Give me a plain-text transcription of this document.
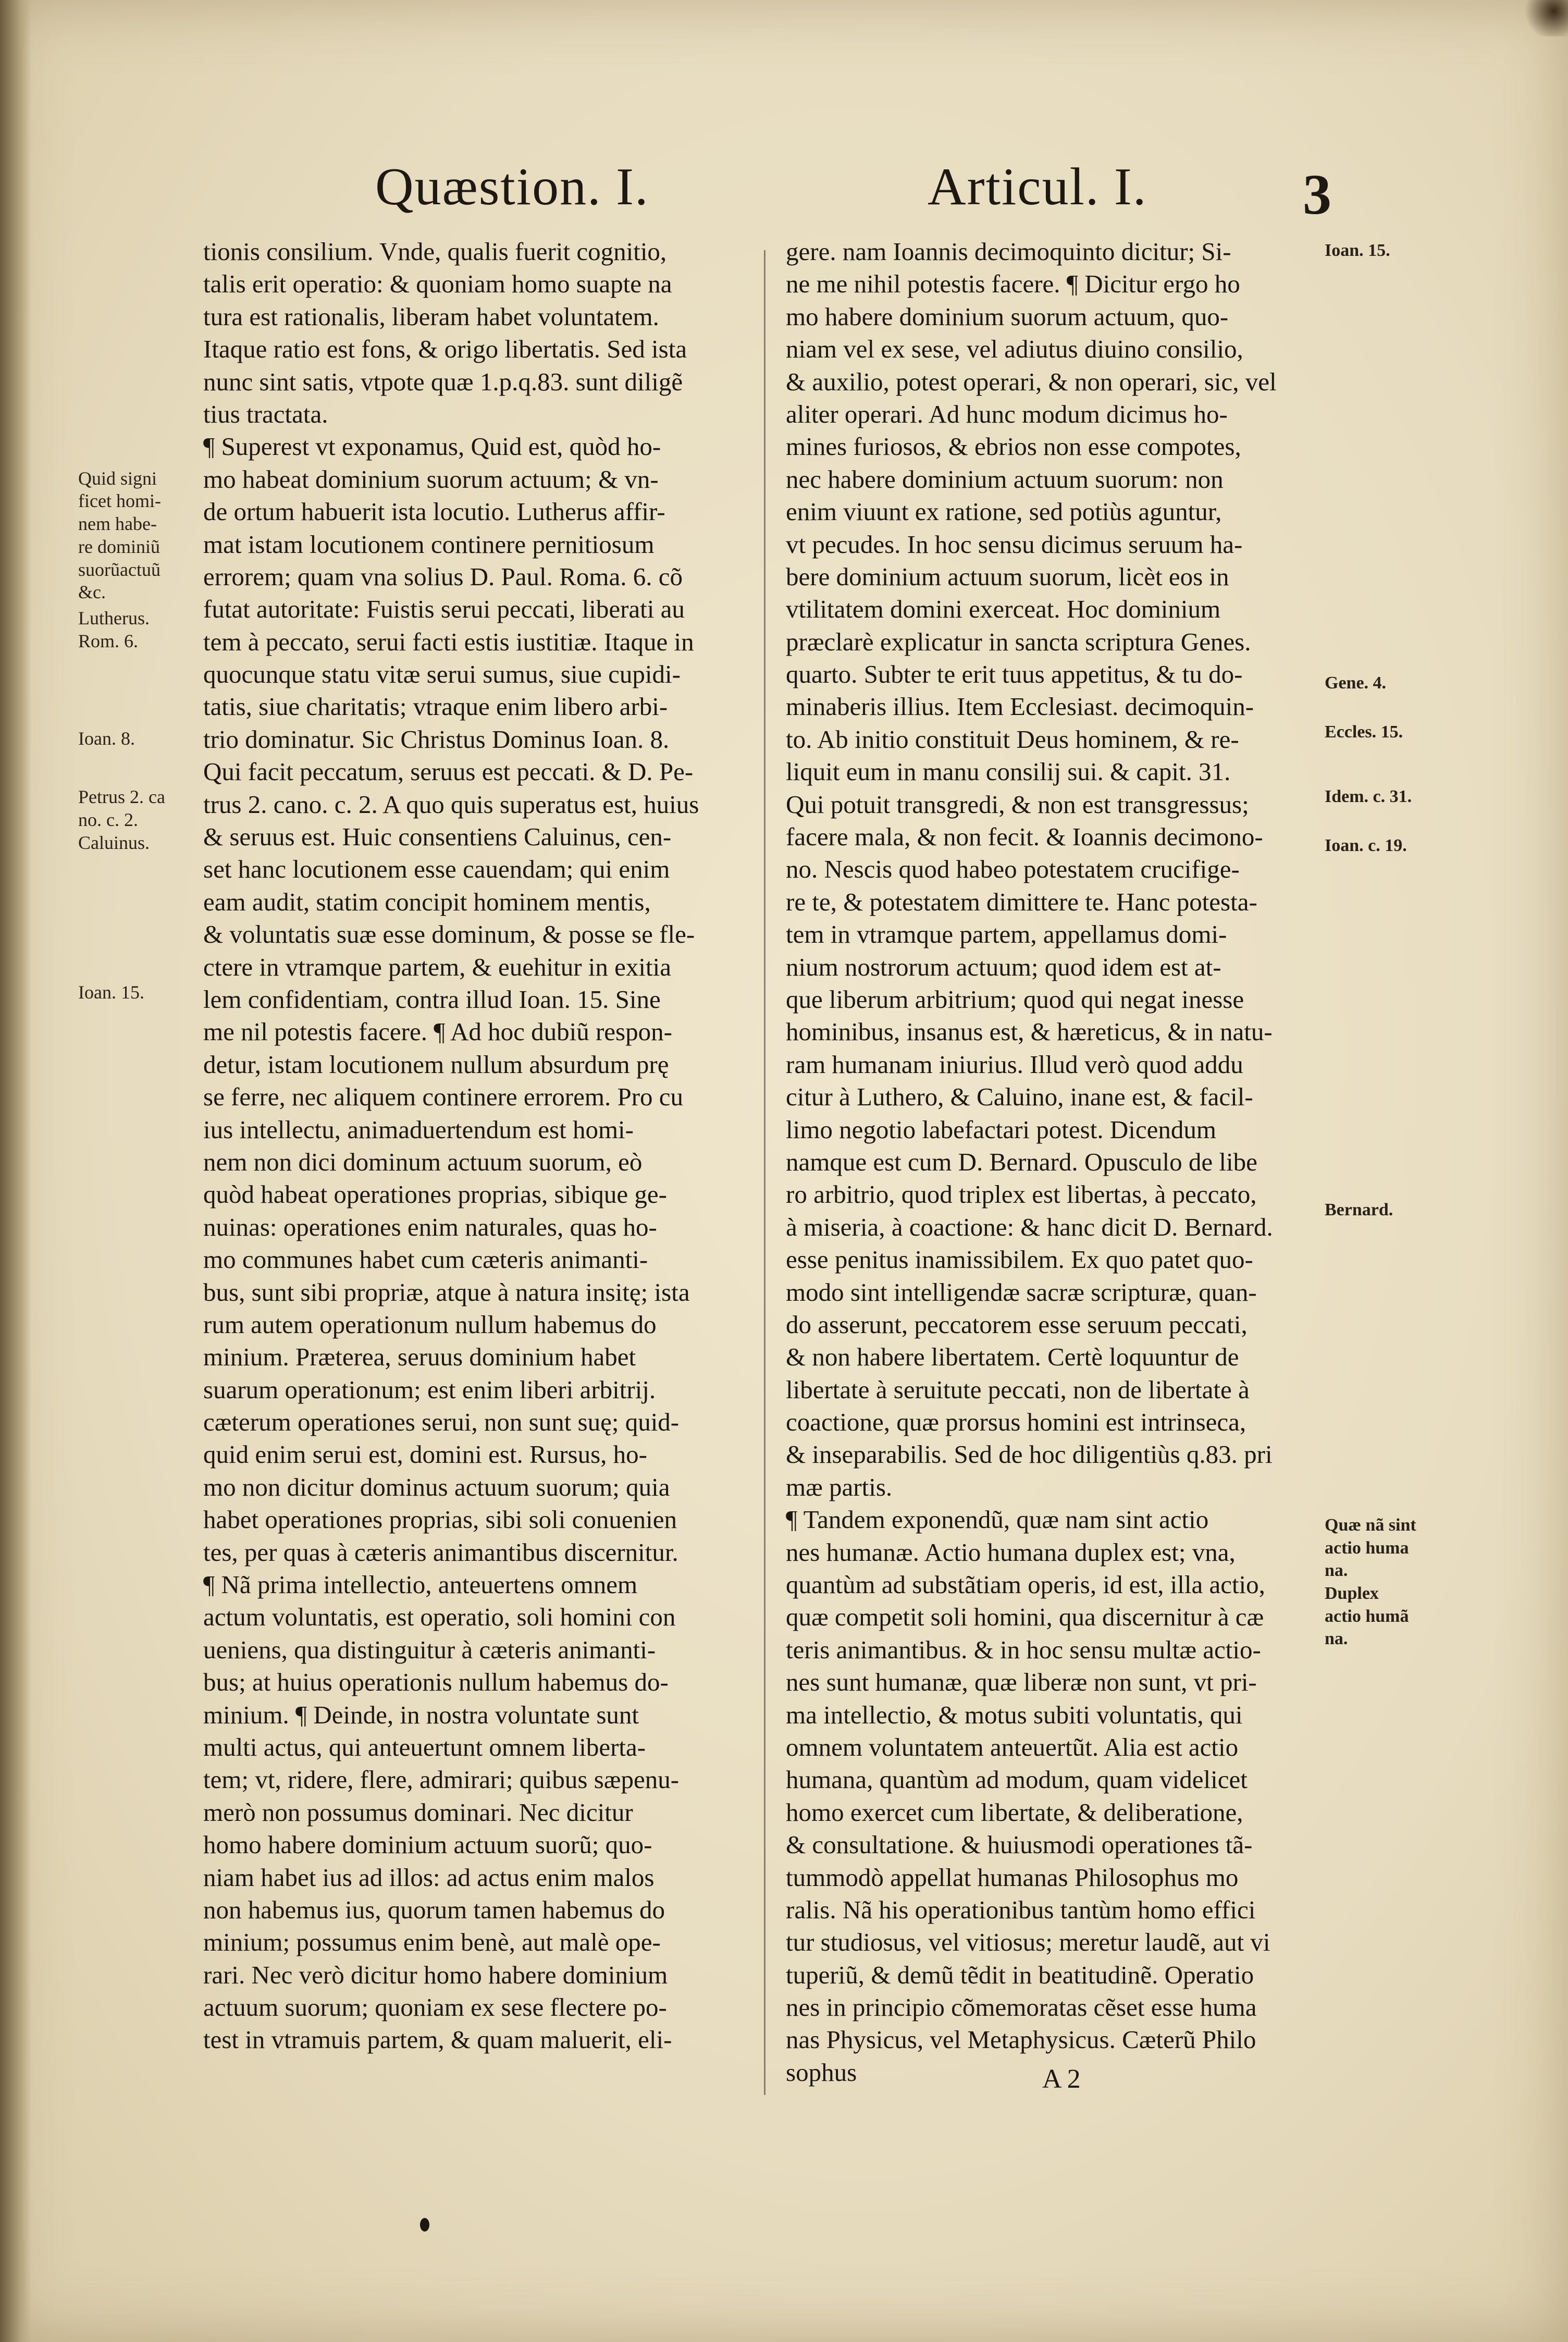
Quæstion. I.	Articul. I.	3
tionis consilium. Vnde, qualis fuerit cognitio,
talis erit operatio: & quoniam homo suapte na
tura est rationalis, liberam habet voluntatem.
Itaque ratio est fons, & origo libertatis. Sed ista
nunc sint satis, vtpote quæ 1.p.q.83. sunt diligẽ
tius tractata.
¶ Superest vt exponamus, Quid est, quòd ho-
mo habeat dominium suorum actuum; & vn-
de ortum habuerit ista locutio. Lutherus affir-
mat istam locutionem continere pernitiosum
errorem; quam vna solius D. Paul. Roma. 6. cõ
futat autoritate: Fuistis serui peccati, liberati au
tem à peccato, serui facti estis iustitiæ. Itaque in
quocunque statu vitæ serui sumus, siue cupidi-
tatis, siue charitatis; vtraque enim libero arbi-
trio dominatur. Sic Christus Dominus Ioan. 8.
Qui facit peccatum, seruus est peccati. & D. Pe-
trus 2. cano. c. 2. A quo quis superatus est, huius
& seruus est. Huic consentiens Caluinus, cen-
set hanc locutionem esse cauendam; qui enim
eam audit, statim concipit hominem mentis,
& voluntatis suæ esse dominum, & posse se fle-
ctere in vtramque partem, & euehitur in exitia
lem confidentiam, contra illud Ioan. 15. Sine
me nil potestis facere. ¶ Ad hoc dubiũ respon-
detur, istam locutionem nullum absurdum prę
se ferre, nec aliquem continere errorem. Pro cu
ius intellectu, animaduertendum est homi-
nem non dici dominum actuum suorum, eò
quòd habeat operationes proprias, sibique ge-
nuinas: operationes enim naturales, quas ho-
mo communes habet cum cæteris animanti-
bus, sunt sibi propriæ, atque à natura insitę; ista
rum autem operationum nullum habemus do
minium. Præterea, seruus dominium habet
suarum operationum; est enim liberi arbitrij.
cæterum operationes serui, non sunt suę; quid-
quid enim serui est, domini est. Rursus, ho-
mo non dicitur dominus actuum suorum; quia
habet operationes proprias, sibi soli conuenien
tes, per quas à cæteris animantibus discernitur.
¶ Nã prima intellectio, anteuertens omnem
actum voluntatis, est operatio, soli homini con
ueniens, qua distinguitur à cæteris animanti-
bus; at huius operationis nullum habemus do-
minium. ¶ Deinde, in nostra voluntate sunt
multi actus, qui anteuertunt omnem liberta-
tem; vt, ridere, flere, admirari; quibus sæpenu-
merò non possumus dominari. Nec dicitur
homo habere dominium actuum suorũ; quo-
niam habet ius ad illos: ad actus enim malos
non habemus ius, quorum tamen habemus do
minium; possumus enim benè, aut malè ope-
rari. Nec verò dicitur homo habere dominium
actuum suorum; quoniam ex sese flectere po-
test in vtramuis partem, & quam maluerit, eli-
gere. nam Ioannis decimoquinto dicitur; Si-
ne me nihil potestis facere. ¶ Dicitur ergo ho
mo habere dominium suorum actuum, quo-
niam vel ex sese, vel adiutus diuino consilio,
& auxilio, potest operari, & non operari, sic, vel
aliter operari. Ad hunc modum dicimus ho-
mines furiosos, & ebrios non esse compotes,
nec habere dominium actuum suorum: non
enim viuunt ex ratione, sed potiùs aguntur,
vt pecudes. In hoc sensu dicimus seruum ha-
bere dominium actuum suorum, licèt eos in
vtilitatem domini exerceat. Hoc dominium
præclarè explicatur in sancta scriptura Genes.
quarto. Subter te erit tuus appetitus, & tu do-
minaberis illius. Item Ecclesiast. decimoquin-
to. Ab initio constituit Deus hominem, & re-
liquit eum in manu consilij sui. & capit. 31.
Qui potuit transgredi, & non est transgressus;
facere mala, & non fecit. & Ioannis decimono-
no. Nescis quod habeo potestatem crucifige-
re te, & potestatem dimittere te. Hanc potesta-
tem in vtramque partem, appellamus domi-
nium nostrorum actuum; quod idem est at-
que liberum arbitrium; quod qui negat inesse
hominibus, insanus est, & hæreticus, & in natu-
ram humanam iniurius. Illud verò quod addu
citur à Luthero, & Caluino, inane est, & facil-
limo negotio labefactari potest. Dicendum
namque est cum D. Bernard. Opusculo de libe
ro arbitrio, quod triplex est libertas, à peccato,
à miseria, à coactione: & hanc dicit D. Bernard.
esse penitus inamissibilem. Ex quo patet quo-
modo sint intelligendæ sacræ scripturæ, quan-
do asserunt, peccatorem esse seruum peccati,
& non habere libertatem. Certè loquuntur de
libertate à seruitute peccati, non de libertate à
coactione, quæ prorsus homini est intrinseca,
& inseparabilis. Sed de hoc diligentiùs q.83. pri
mæ partis.
¶ Tandem exponendũ, quæ nam sint actio
nes humanæ. Actio humana duplex est; vna,
quantùm ad substãtiam operis, id est, illa actio,
quæ competit soli homini, qua discernitur à cæ
teris animantibus. & in hoc sensu multæ actio-
nes sunt humanæ, quæ liberæ non sunt, vt pri-
ma intellectio, & motus subiti voluntatis, qui
omnem voluntatem anteuertũt. Alia est actio
humana, quantùm ad modum, quam videlicet
homo exercet cum libertate, & deliberatione,
& consultatione. & huiusmodi operationes tã-
tummodò appellat humanas Philosophus mo
ralis. Nã his operationibus tantùm homo effici
tur studiosus, vel vitiosus; meretur laudẽ, aut vi
tuperiũ, & demũ tẽdit in beatitudinẽ. Operatio
nes in principio cõmemoratas cẽset esse huma
nas Physicus, vel Metaphysicus. Cæterũ Philo
sophus
Quid signi
ficet homi-
nem habe-
re dominiũ
suorũactuũ
&c.
Lutherus.
Rom. 6.
Ioan. 8.
Petrus 2. ca
no. c. 2.
Caluinus.
Ioan. 15.
Ioan. 15.
Gene. 4.
Eccles. 15.
Idem. c. 31.
Ioan. c. 19.
Bernard.
Quæ nã sint
actio huma
na.
Duplex
actio humã
na.
A 2
